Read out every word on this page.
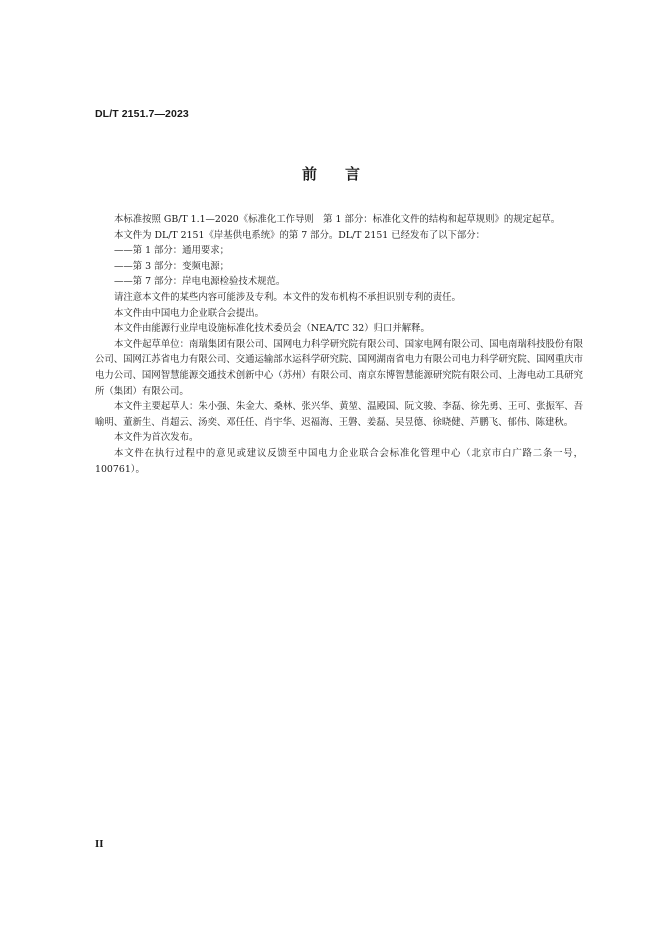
DL/T 2151.7—2023
前言

本标准按照 GB/T 1.1—2020《标准化工作导则　第 1 部分：标准化文件的结构和起草规则》的规定起草。

本文件为 DL/T 2151《岸基供电系统》的第 7 部分。DL/T 2151 已经发布了以下部分：

——第 1 部分：通用要求；

——第 3 部分：变频电源；

——第 7 部分：岸电电源检验技术规范。

请注意本文件的某些内容可能涉及专利。本文件的发布机构不承担识别专利的责任。

本文件由中国电力企业联合会提出。

本文件由能源行业岸电设施标准化技术委员会（NEA/TC 32）归口并解释。

本文件起草单位：南瑞集团有限公司、国网电力科学研究院有限公司、国家电网有限公司、国电南瑞科技股份有限公司、国网江苏省电力有限公司、交通运输部水运科学研究院、国网湖南省电力有限公司电力科学研究院、国网重庆市电力公司、国网智慧能源交通技术创新中心（苏州）有限公司、南京东博智慧能源研究院有限公司、上海电动工具研究所（集团）有限公司。

本文件主要起草人：朱小强、朱金大、桑林、张兴华、黄堃、温殿国、阮文骏、李磊、徐先勇、王可、张振军、吾喻明、董新生、肖超云、汤奕、邓任任、肖宇华、迟福海、王磐、姜磊、吴昱德、徐晓健、芦鹏飞、郁伟、陈建秋。

本文件为首次发布。

本文件在执行过程中的意见或建议反馈至中国电力企业联合会标准化管理中心（北京市白广路二条一号，100761）。

II
